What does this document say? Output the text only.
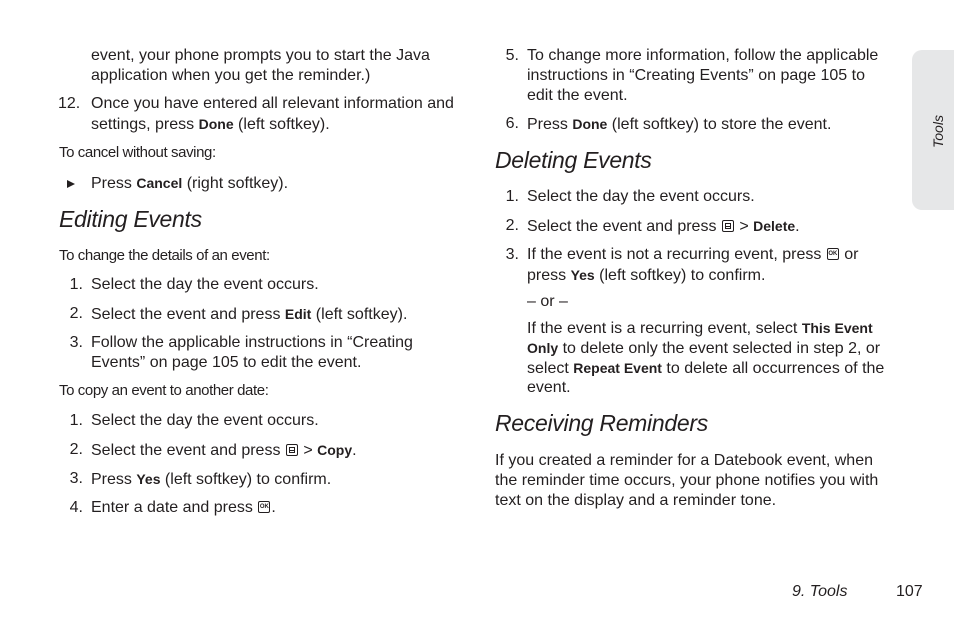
Tools
event, your phone prompts you to start the Java
application when you get the reminder.)
12. Once you have entered all relevant information and
settings, press Done (left softkey).
To cancel without saving:
Press Cancel (right softkey).
Editing Events
To change the details of an event:
1. Select the day the event occurs.
2. Select the event and press Edit (left softkey).
3. Follow the applicable instructions in “Creating
Events” on page 105 to edit the event.
To copy an event to another date:
1. Select the day the event occurs.
2. Select the event and press  > Copy.
3. Press Yes (left softkey) to confirm.
4. Enter a date and press OK.
5. To change more information, follow the applicable
instructions in “Creating Events” on page 105 to
edit the event.
6. Press Done (left softkey) to store the event.
Deleting Events
1. Select the day the event occurs.
2. Select the event and press  > Delete.
3. If the event is not a recurring event, press OK or
press Yes (left softkey) to confirm.
– or –
If the event is a recurring event, select This Event
Only to delete only the event selected in step 2, or
select Repeat Event to delete all occurrences of the
event.
Receiving Reminders
If you created a reminder for a Datebook event, when
the reminder time occurs, your phone notifies you with
text on the display and a reminder tone.
9. Tools	107
